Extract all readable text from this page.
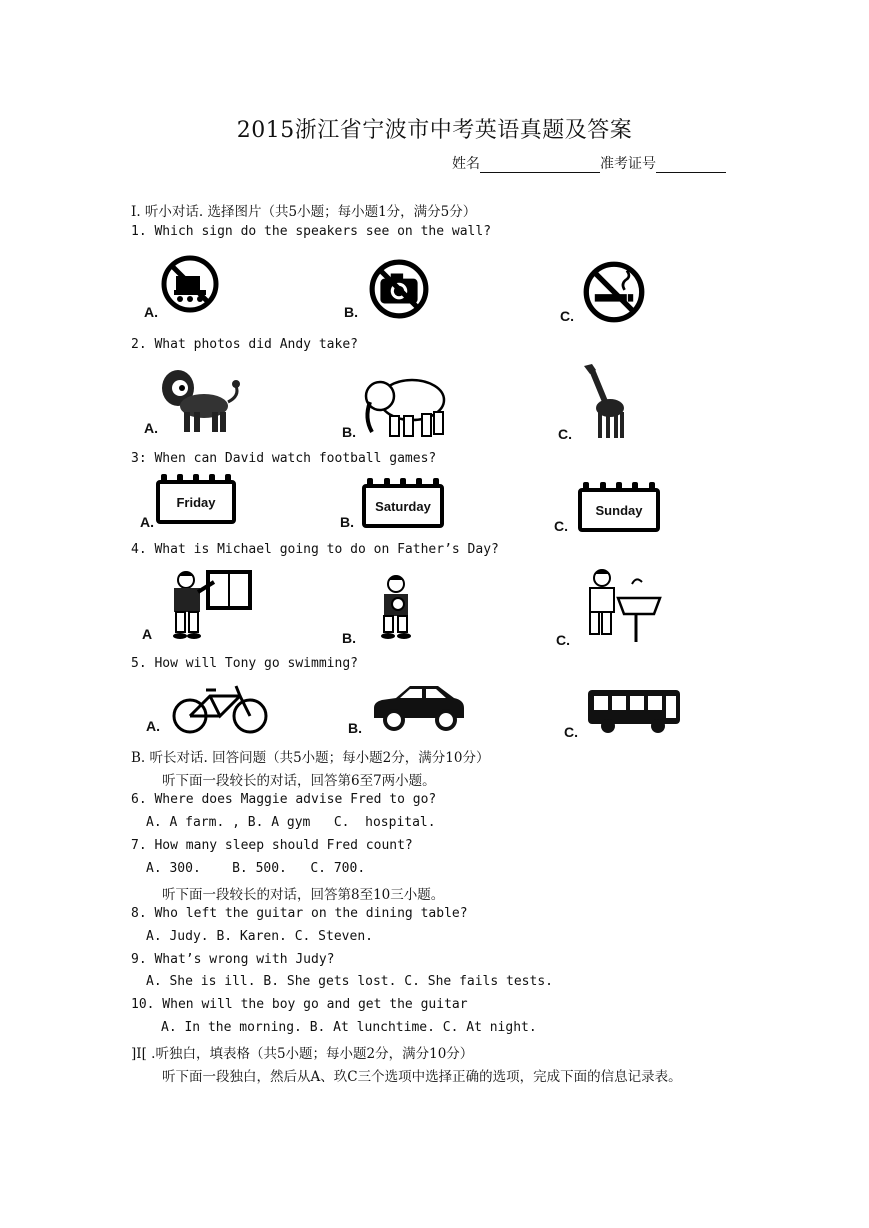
2015浙江省宁波市中考英语真题及答案
姓名	准考证号
I. 听小对话. 选择图片（共5小题；每小题1分，满分5分）
1. Which sign do the speakers see on the wall?
A.	B.	C.
2. What photos did Andy take?
A.	B.	C.
3: When can David watch football games?
A.
Friday
B.
Saturday
C.
Sunday
4. What is Michael going to do on Father’s Day?
A	B.	C.
5. How will Tony go swimming?
A.	B.	C.
B. 听长对话. 回答问题（共5小题；每小题2分，满分10分）
听下面一段较长的对话，回答第6至7两小题。
6. Where does Maggie advise Fred to go?
A. A farm. , B. A gym   C.  hospital.
7. How many sleep should Fred count?
A. 300.    B. 500.   C. 700.
听下面一段较长的对话，回答第8至10三小题。
8. Who left the guitar on the dining table?
A. Judy. B. Karen. C. Steven.
9. What’s wrong with Judy?
A. She is ill. B. She gets lost. C. She fails tests.
10. When will the boy go and get the guitar
A. In the morning. B. At lunchtime. C. At night.
]I[ .听独白，填表格（共5小题；每小题2分，满分10分）
听下面一段独白，然后从A、玖C三个选项中选择正确的选项，完成下面的信息记录表。
